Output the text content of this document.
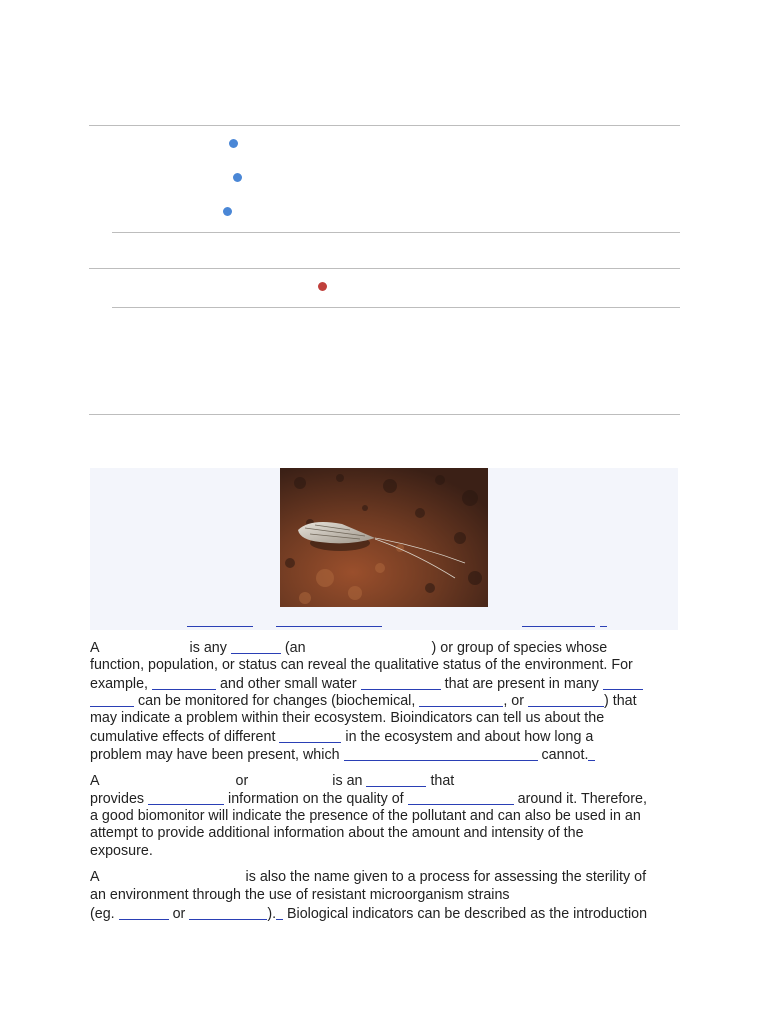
A	is any	(an	) or group of species whose
function, population, or status can reveal the qualitative status of the environment. For
example,	and other small water	that are present in many
can be monitored for changes (biochemical,	, or	) that
may indicate a problem within their ecosystem. Bioindicators can tell us about the
cumulative effects of different	in the ecosystem and about how long a
problem may have been present, which	cannot.
A	or	is an	that
provides	information on the quality of	around it. Therefore,
a good biomonitor will indicate the presence of the pollutant and can also be used in an
attempt to provide additional information about the amount and intensity of the
exposure.
A	is also the name given to a process for assessing the sterility of
an environment through the use of resistant microorganism strains
(eg.	or	). Biological indicators can be described as the introduction
